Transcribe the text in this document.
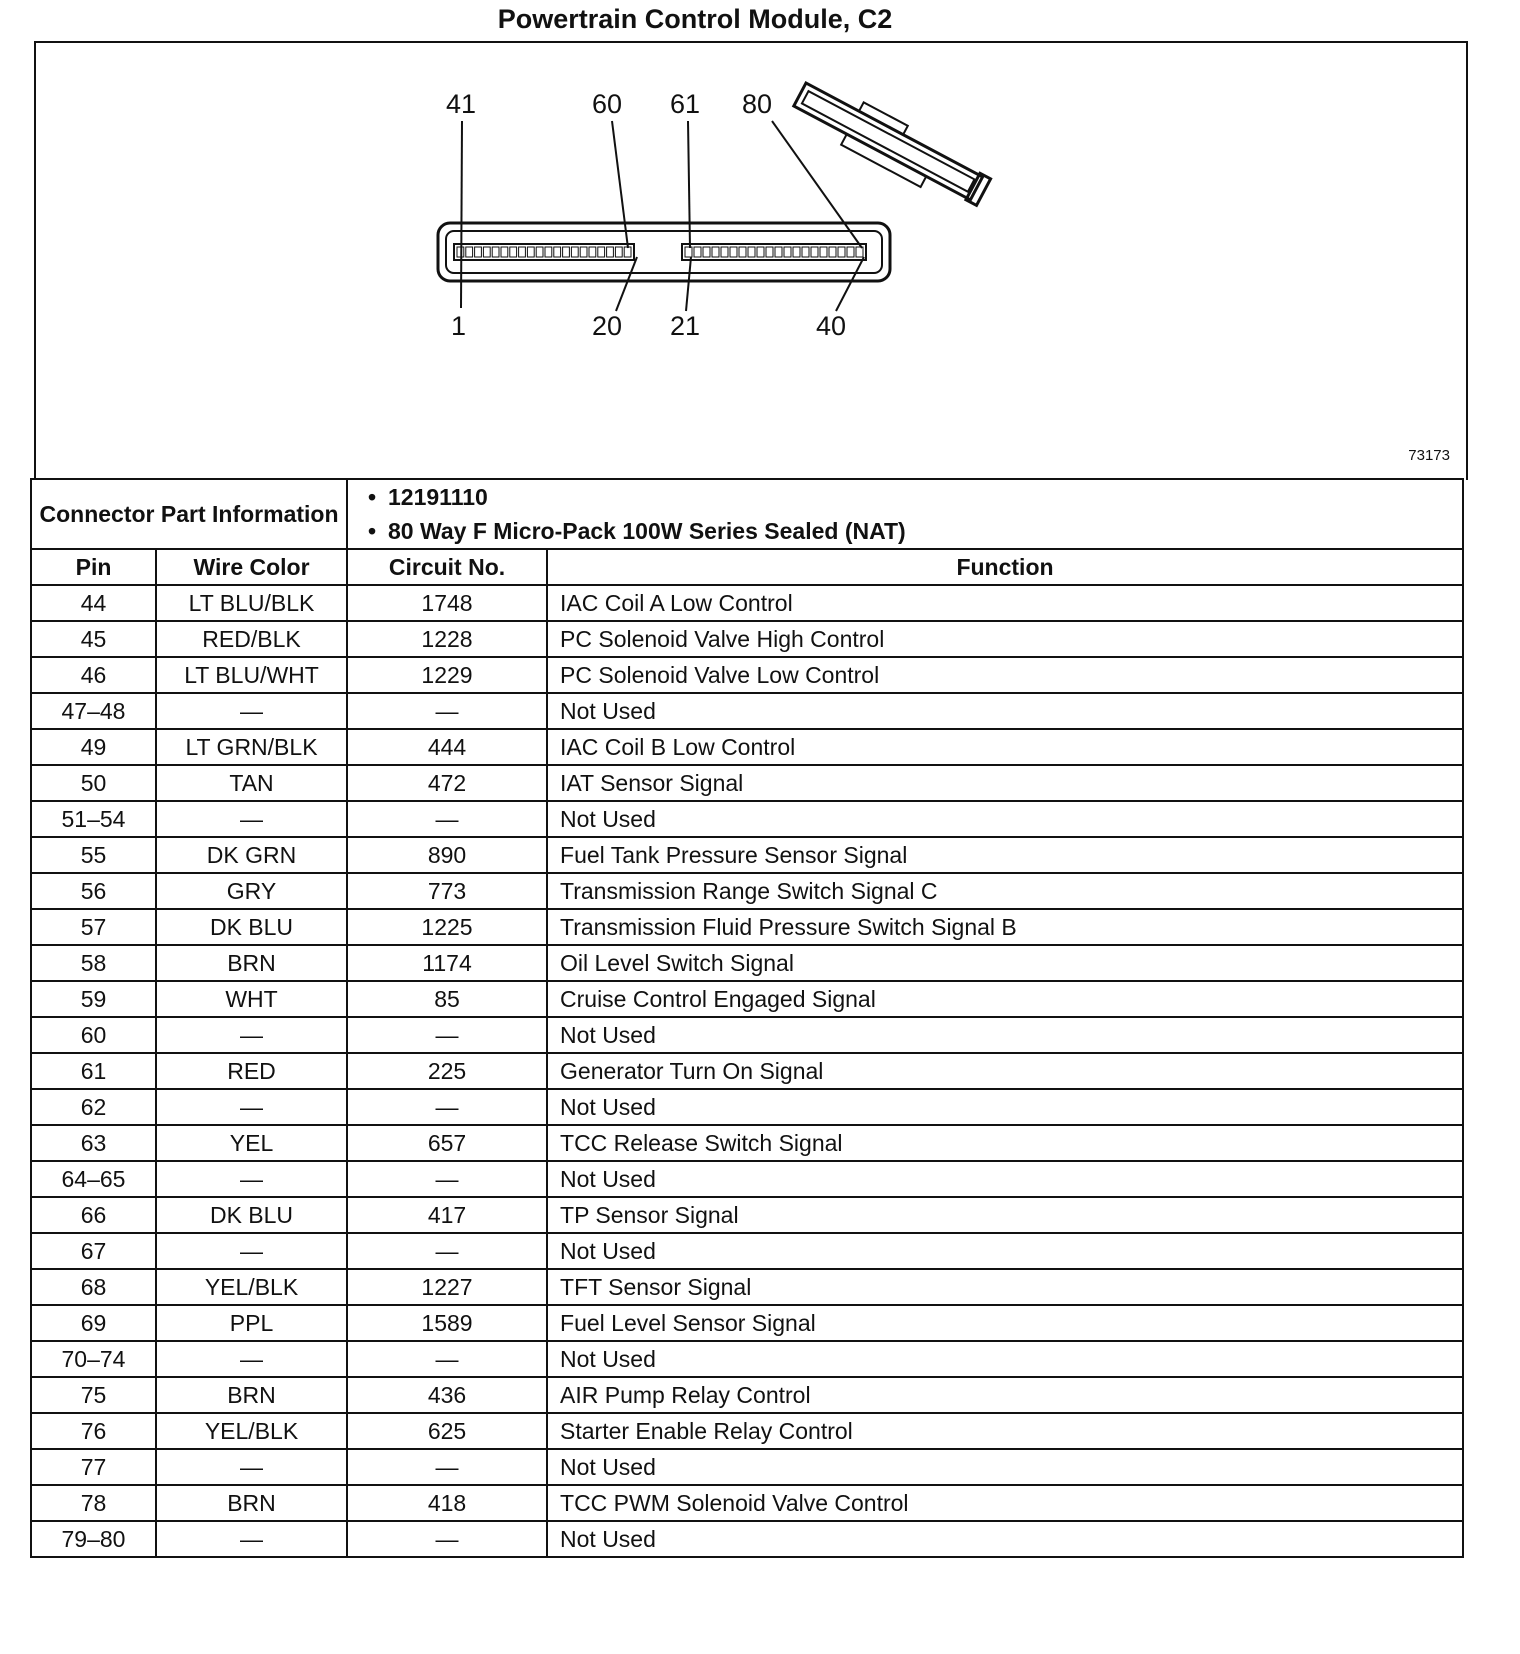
Powertrain Control Module, C2
41	60 61 80
1	20 21	40
73173
Connector Part Information		• 12191110
• 80 Way F Micro-Pack 100W Series Sealed (NAT)	

Pin	Wire Color	Circuit No.	Function
44	LT BLU/BLK	1748	IAC Coil A Low Control
45	RED/BLK	1228	PC Solenoid Valve High Control
46	LT BLU/WHT	1229	PC Solenoid Valve Low Control
47–48	—	—	Not Used
49	LT GRN/BLK	444	IAC Coil B Low Control
50	TAN	472	IAT Sensor Signal
51–54	—	—	Not Used
55	DK GRN	890	Fuel Tank Pressure Sensor Signal
56	GRY	773	Transmission Range Switch Signal C
57	DK BLU	1225	Transmission Fluid Pressure Switch Signal B
58	BRN	1174	Oil Level Switch Signal
59	WHT	85	Cruise Control Engaged Signal
60	—	—	Not Used
61	RED	225	Generator Turn On Signal
62	—	—	Not Used
63	YEL	657	TCC Release Switch Signal
64–65	—	—	Not Used
66	DK BLU	417	TP Sensor Signal
67	—	—	Not Used
68	YEL/BLK	1227	TFT Sensor Signal
69	PPL	1589	Fuel Level Sensor Signal
70–74	—	—	Not Used
75	BRN	436	AIR Pump Relay Control
76	YEL/BLK	625	Starter Enable Relay Control
77	—	—	Not Used
78	BRN	418	TCC PWM Solenoid Valve Control
79–80	—	—	Not Used
